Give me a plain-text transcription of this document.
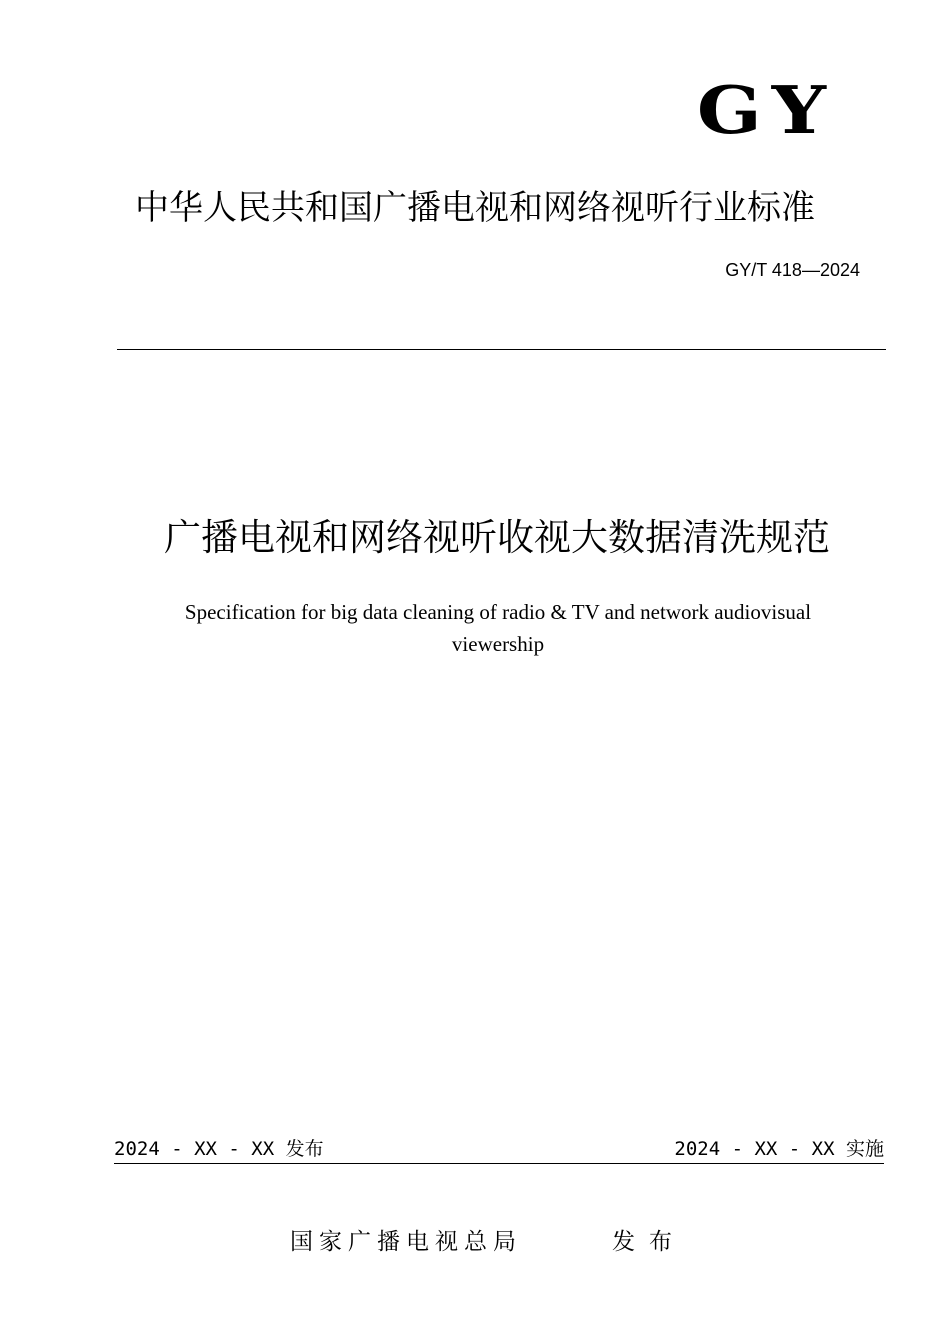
GY
中华人民共和国广播电视和网络视听行业标准
GY/T 418—2024
广播电视和网络视听收视大数据清洗规范
Specification for big data cleaning of radio & TV and network audiovisual viewership
2024 - XX - XX 发布	2024 - XX - XX 实施
国家广播电视总局	发布
